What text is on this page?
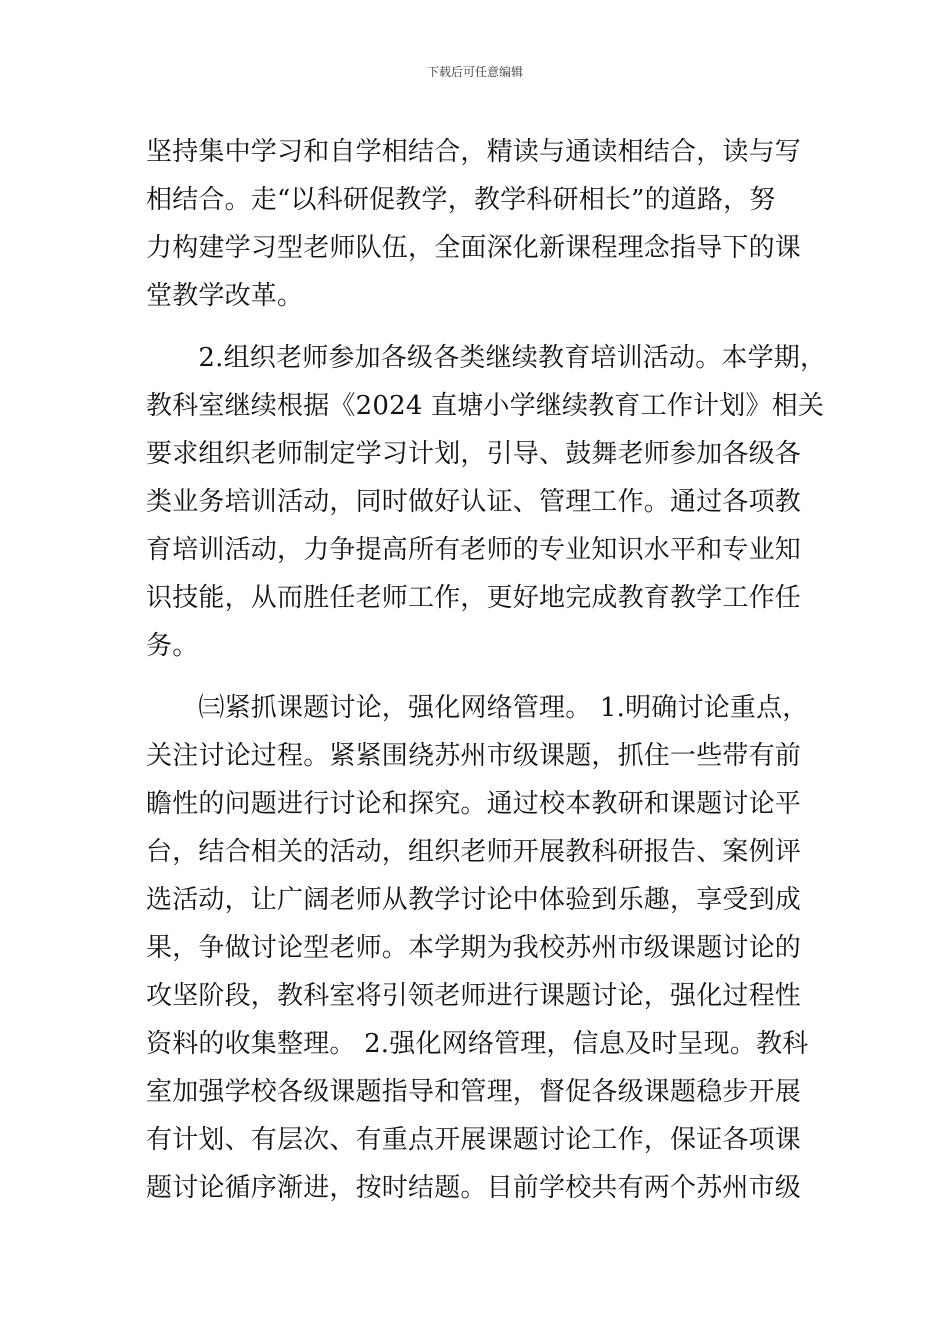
下载后可任意编辑
坚持集中学习和自学相结合，精读与通读相结合，读与写
相结合。走“以科研促教学，教学科研相长”的道路，努
力构建学习型老师队伍，全面深化新课程理念指导下的课
堂教学改革。
　　2.组织老师参加各级各类继续教育培训活动。本学期，
教科室继续根据《2024 直塘小学继续教育工作计划》相关
要求组织老师制定学习计划，引导、鼓舞老师参加各级各
类业务培训活动，同时做好认证、管理工作。通过各项教
育培训活动，力争提高所有老师的专业知识水平和专业知
识技能，从而胜任老师工作，更好地完成教育教学工作任
务。
　　㈢紧抓课题讨论，强化网络管理。 1.明确讨论重点，
关注讨论过程。紧紧围绕苏州市级课题，抓住一些带有前
瞻性的问题进行讨论和探究。通过校本教研和课题讨论平
台，结合相关的活动，组织老师开展教科研报告、案例评
选活动，让广阔老师从教学讨论中体验到乐趣，享受到成
果，争做讨论型老师。本学期为我校苏州市级课题讨论的
攻坚阶段，教科室将引领老师进行课题讨论，强化过程性
资料的收集整理。 2.强化网络管理，信息及时呈现。教科
室加强学校各级课题指导和管理，督促各级课题稳步开展
有计划、有层次、有重点开展课题讨论工作，保证各项课
题讨论循序渐进，按时结题。目前学校共有两个苏州市级
